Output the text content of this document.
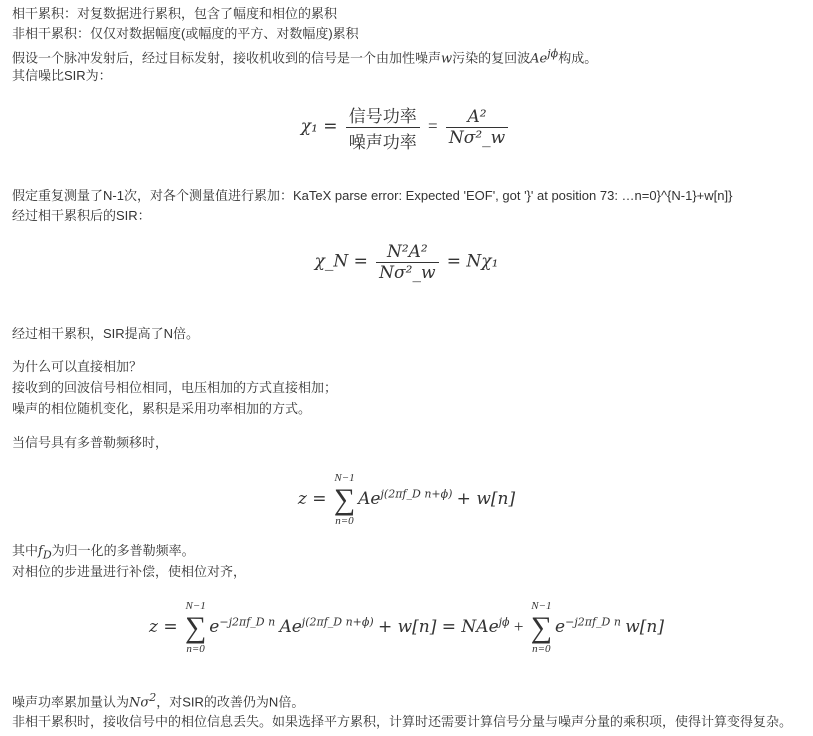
相干累积：对复数据进行累积，包含了幅度和相位的累积
非相干累积：仅仅对数据幅度(或幅度的平方、对数幅度)累积
假设一个脉冲发射后，经过目标发射，接收机收到的信号是一个由加性噪声w污染的复回波$Ae^{j\phi}$构成。
其信噪比SIR为：
$\chi_1 = \frac{\text{信号功率}}{\text{噪声功率}} = \frac{\text{A²}}{\text{Nσ²\_w}}$
假定重复测量了N-1次，对各个测量值进行累加：KaTeX parse error: Expected 'EOF', got '}' at position 73: …n=0}^{N-1}+w[n]}
经过相干累积后的SIR：
χ_N = $\frac{\text{N²A²}}{\text{Nσ²\_w}} = N\chi_1$
经过相干累积，SIR提高了N倍。
为什么可以直接相加？
接收到的回波信号相位相同，电压相加的方式直接相加；
噪声的相位随机变化，累积是采用功率相加的方式。
当信号具有多普勒频移时，
z =
N−1
∑
n=0
$Ae^{j(2\pi f\_D n+\phi)} + w[n]$
其中$f_D$为归一化的多普勒频率。
对相位的步进量进行补偿，使相位对齐，
z =
N−1
∑
n=0
$e^{-j2\pi f\_D n}$ $Ae^{j(2\pi f\_D n+\phi)} + w[n] = NAe^{j\phi}$ +
N−1
∑
n=0
$e^{-j2\pi f\_D n}$ w[n]
噪声功率累加量认为$N\sigma^2$，对SIR的改善仍为N倍。
非相干累积时，接收信号中的相位信息丢失。如果选择平方累积，计算时还需要计算信号分量与噪声分量的乘积项，使得计算变得复杂。
